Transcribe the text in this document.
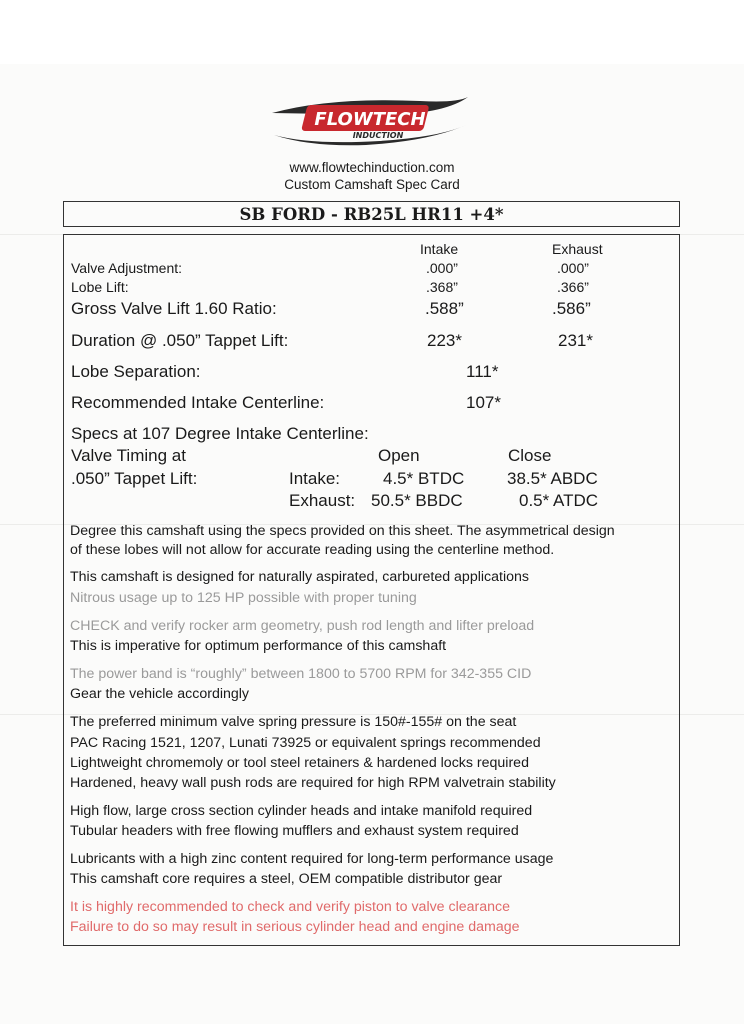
FLOWTECH
INDUCTION
www.flowtechinduction.com
Custom Camshaft Spec Card
SB FORD - RB25L HR11 +4*
Intake	Exhaust
Valve Adjustment:	.000”	.000”
Lobe Lift:	.368”	.366”
Gross Valve Lift 1.60 Ratio:	.588”	.586”
Duration @ .050” Tappet Lift:	223*	231*
Lobe Separation:	111*
Recommended Intake Centerline:	107*
Specs at 107 Degree Intake Centerline:
Valve Timing at	Open	Close
.050” Tappet Lift:	Intake:	4.5* BTDC	38.5* ABDC
Exhaust: 50.5* BBDC	0.5* ATDC
Degree this camshaft using the specs provided on this sheet. The asymmetrical design
of these lobes will not allow for accurate reading using the centerline method.
This camshaft is designed for naturally aspirated, carbureted applications
Nitrous usage up to 125 HP possible with proper tuning
CHECK and verify rocker arm geometry, push rod length and lifter preload
This is imperative for optimum performance of this camshaft
The power band is “roughly” between 1800 to 5700 RPM for 342-355 CID
Gear the vehicle accordingly
The preferred minimum valve spring pressure is 150#-155# on the seat
PAC Racing 1521, 1207, Lunati 73925 or equivalent springs recommended
Lightweight chromemoly or tool steel retainers & hardened locks required
Hardened, heavy wall push rods are required for high RPM valvetrain stability
High flow, large cross section cylinder heads and intake manifold required
Tubular headers with free flowing mufflers and exhaust system required
Lubricants with a high zinc content required for long-term performance usage
This camshaft core requires a steel, OEM compatible distributor gear
It is highly recommended to check and verify piston to valve clearance
Failure to do so may result in serious cylinder head and engine damage
